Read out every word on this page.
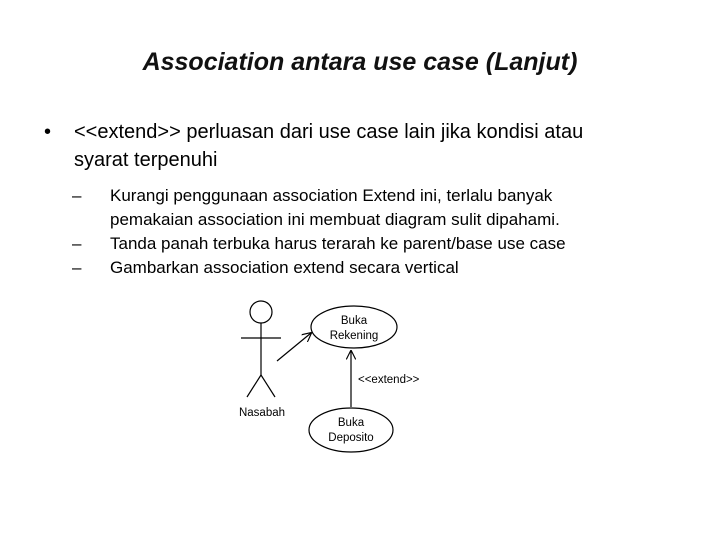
Association antara use case (Lanjut)
• <<extend>> perluasan dari use case lain jika kondisi atau
syarat terpenuhi
– Kurangi penggunaan association Extend ini, terlalu banyak
pemakaian association ini membuat diagram sulit dipahami.
– Tanda panah terbuka harus terarah ke parent/base use case
– Gambarkan association extend secara vertical
Nasabah
Buka
Rekening
<<extend>>
Buka
Deposito
